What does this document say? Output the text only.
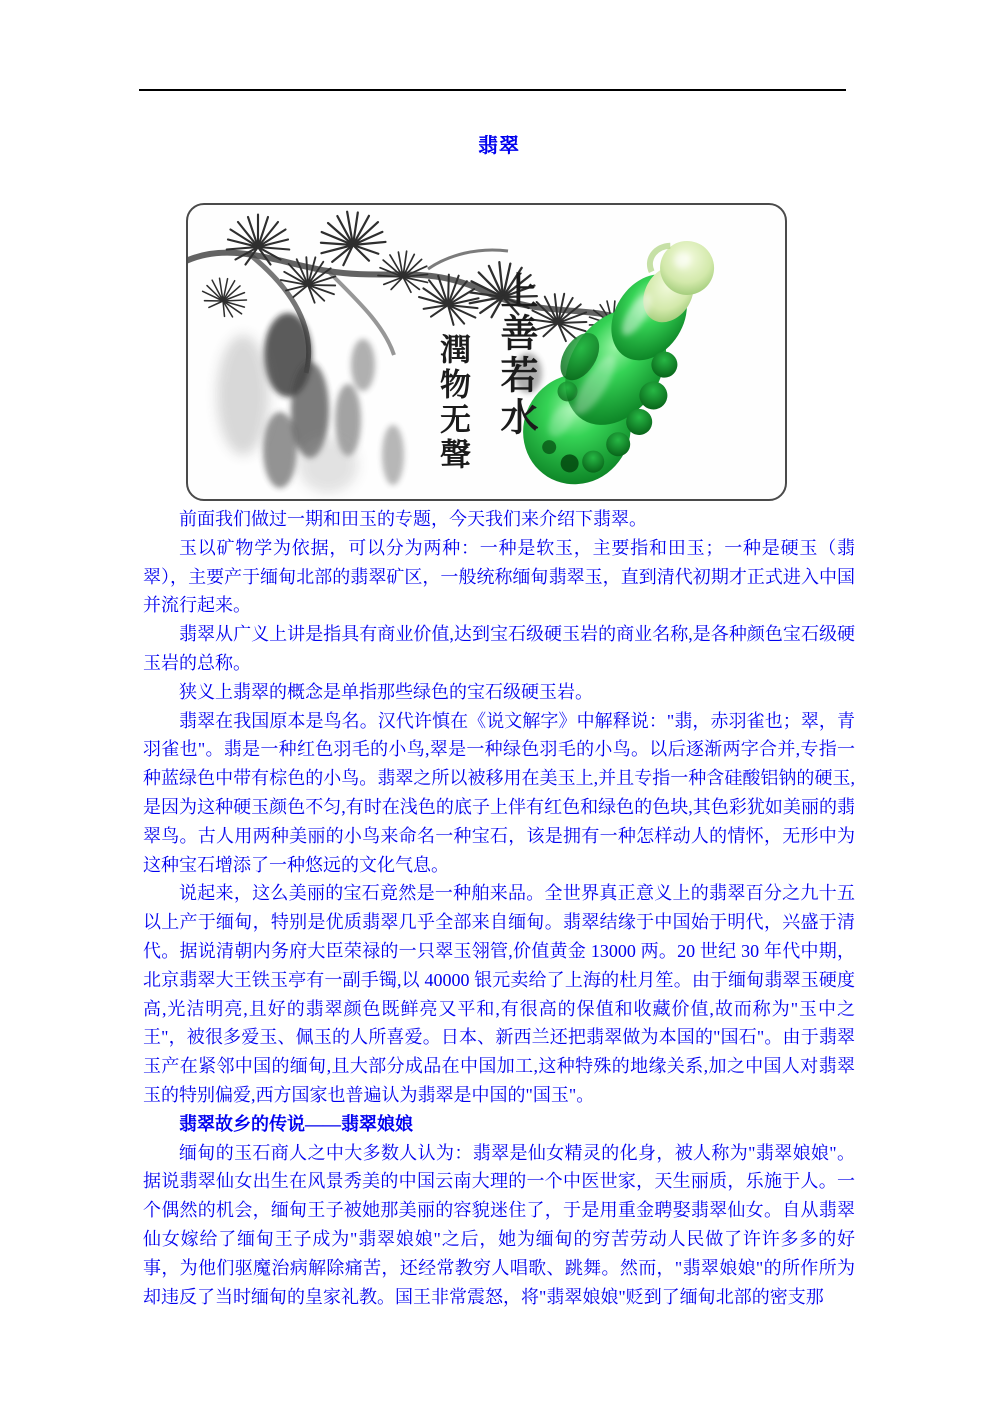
翡翠
上善若水
潤物无聲

前面我们做过一期和田玉的专题，今天我们来介绍下翡翠。

玉以矿物学为依据，可以分为两种：一种是软玉，主要指和田玉；一种是硬玉（翡翠），主要产于缅甸北部的翡翠矿区，一般统称缅甸翡翠玉，直到清代初期才正式进入中国并流行起来。

翡翠从广义上讲是指具有商业价值,达到宝石级硬玉岩的商业名称,是各种颜色宝石级硬玉岩的总称。

狭义上翡翠的概念是单指那些绿色的宝石级硬玉岩。

翡翠在我国原本是鸟名。汉代许慎在《说文解字》中解释说："翡，赤羽雀也；翠，青羽雀也"。翡是一种红色羽毛的小鸟,翠是一种绿色羽毛的小鸟。以后逐渐两字合并,专指一种蓝绿色中带有棕色的小鸟。翡翠之所以被移用在美玉上,并且专指一种含硅酸铝钠的硬玉,是因为这种硬玉颜色不匀,有时在浅色的底子上伴有红色和绿色的色块,其色彩犹如美丽的翡翠鸟。古人用两种美丽的小鸟来命名一种宝石，该是拥有一种怎样动人的情怀，无形中为这种宝石增添了一种悠远的文化气息。

说起来，这么美丽的宝石竟然是一种舶来品。全世界真正意义上的翡翠百分之九十五以上产于缅甸，特别是优质翡翠几乎全部来自缅甸。翡翠结缘于中国始于明代，兴盛于清代。据说清朝内务府大臣荣禄的一只翠玉翎管,价值黄金 13000 两。20 世纪 30 年代中期，北京翡翠大王铁玉亭有一副手镯,以 40000 银元卖给了上海的杜月笙。由于缅甸翡翠玉硬度高,光洁明亮,且好的翡翠颜色既鲜亮又平和,有很高的保值和收藏价值,故而称为"玉中之王"，被很多爱玉、佩玉的人所喜爱。日本、新西兰还把翡翠做为本国的"国石"。由于翡翠玉产在紧邻中国的缅甸,且大部分成品在中国加工,这种特殊的地缘关系,加之中国人对翡翠玉的特别偏爱,西方国家也普遍认为翡翠是中国的"国玉"。

翡翠故乡的传说——翡翠娘娘

缅甸的玉石商人之中大多数人认为：翡翠是仙女精灵的化身，被人称为"翡翠娘娘"。据说翡翠仙女出生在风景秀美的中国云南大理的一个中医世家，天生丽质，乐施于人。一个偶然的机会，缅甸王子被她那美丽的容貌迷住了，于是用重金聘娶翡翠仙女。自从翡翠仙女嫁给了缅甸王子成为"翡翠娘娘"之后，她为缅甸的穷苦劳动人民做了许许多多的好事，为他们驱魔治病解除痛苦，还经常教穷人唱歌、跳舞。然而，"翡翠娘娘"的所作所为却违反了当时缅甸的皇家礼教。国王非常震怒，将"翡翠娘娘"贬到了缅甸北部的密支那
